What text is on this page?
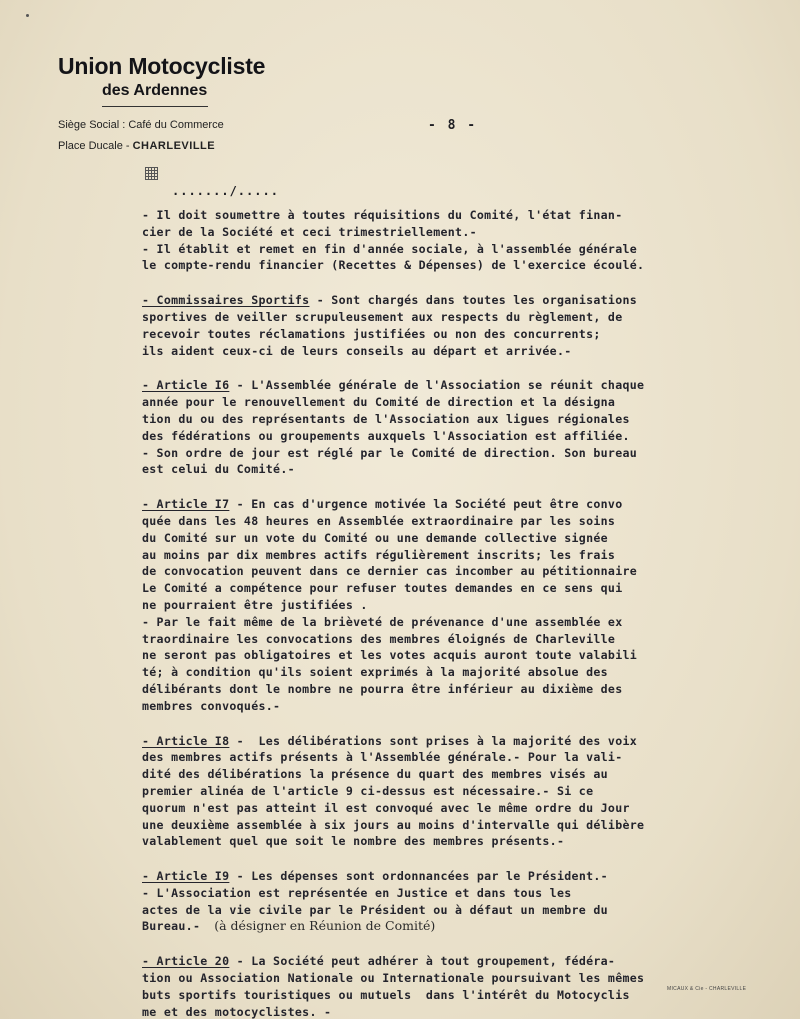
Union Motocycliste
des Ardennes
Siège Social : Café du Commerce
Place Ducale - CHARLEVILLE
- 8 -
......./.....
- Il doit soumettre à toutes réquisitions du Comité, l'état finan-
cier de la Société et ceci trimestriellement.-
- Il établit et remet en fin d'année sociale, à l'assemblée générale
le compte-rendu financier (Recettes & Dépenses) de l'exercice écoulé.
- Commissaires Sportifs - Sont chargés dans toutes les organisations
sportives de veiller scrupuleusement aux respects du règlement, de
recevoir toutes réclamations justifiées ou non des concurrents;
ils aident ceux-ci de leurs conseils au départ et arrivée.-
- Article I6 - L'Assemblée générale de l'Association se réunit chaque
année pour le renouvellement du Comité de direction et la désigna
tion du ou des représentants de l'Association aux ligues régionales
des fédérations ou groupements auxquels l'Association est affiliée.
- Son ordre de jour est réglé par le Comité de direction. Son bureau
est celui du Comité.-
- Article I7 - En cas d'urgence motivée la Société peut être convo
quée dans les 48 heures en Assemblée extraordinaire par les soins
du Comité sur un vote du Comité ou une demande collective signée
au moins par dix membres actifs régulièrement inscrits; les frais
de convocation peuvent dans ce dernier cas incomber au pétitionnaire
Le Comité a compétence pour refuser toutes demandes en ce sens qui
ne pourraient être justifiées .
- Par le fait même de la brièveté de prévenance d'une assemblée ex
traordinaire les convocations des membres éloignés de Charleville
ne seront pas obligatoires et les votes acquis auront toute valabili
té; à condition qu'ils soient exprimés à la majorité absolue des
délibérants dont le nombre ne pourra être inférieur au dixième des
membres convoqués.-
- Article I8 -  Les délibérations sont prises à la majorité des voix
des membres actifs présents à l'Assemblée générale.- Pour la vali-
dité des délibérations la présence du quart des membres visés au
premier alinéa de l'article 9 ci-dessus est nécessaire.- Si ce
quorum n'est pas atteint il est convoqué avec le même ordre du Jour
une deuxième assemblée à six jours au moins d'intervalle qui délibère
valablement quel que soit le nombre des membres présents.-
- Article I9 - Les dépenses sont ordonnancées par le Président.-
- L'Association est représentée en Justice et dans tous les
actes de la vie civile par le Président ou à défaut un membre du
Bureau.- (à désigner en Réunion de Comité)
- Article 20 - La Société peut adhérer à tout groupement, fédéra-
tion ou Association Nationale ou Internationale poursuivant les mêmes
buts sportifs touristiques ou mutuels  dans l'intérêt du Motocyclis
me et des motocyclistes. -
MICAUX & Cie - CHARLEVILLE
